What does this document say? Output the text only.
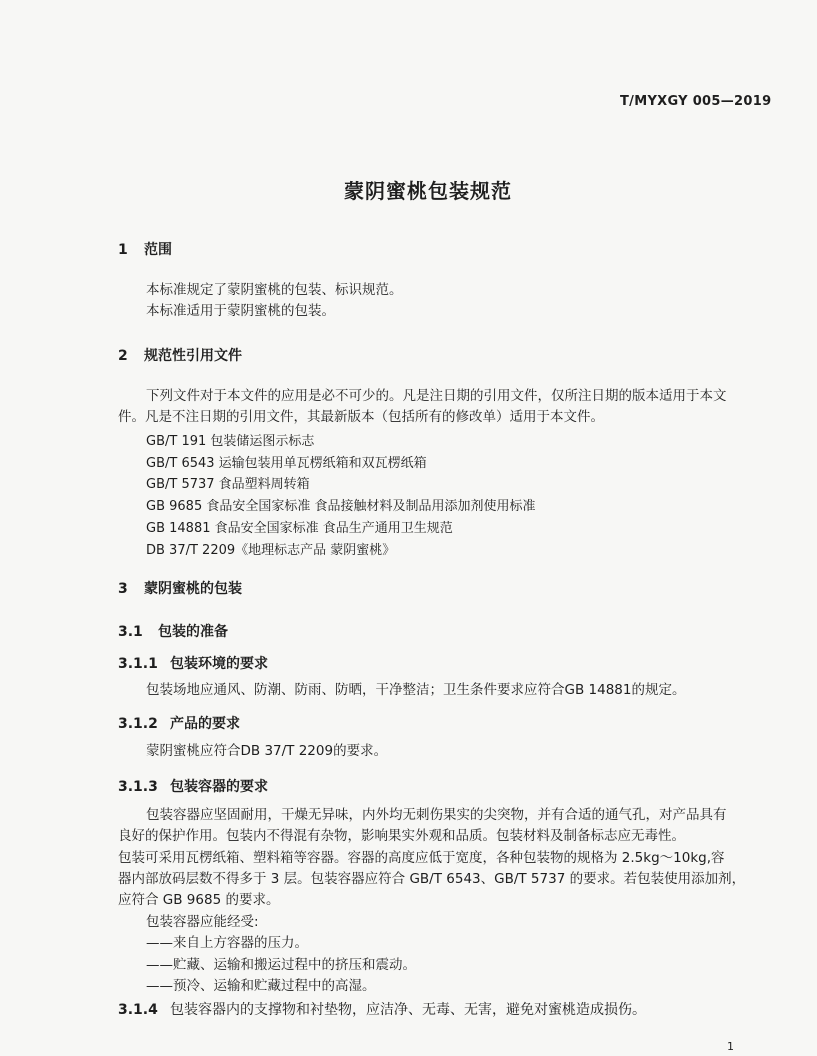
T/MYXGY 005—2019
蒙阴蜜桃包装规范
1 范围
本标准规定了蒙阴蜜桃的包装、标识规范。
本标准适用于蒙阴蜜桃的包装。
2 规范性引用文件
下列文件对于本文件的应用是必不可少的。凡是注日期的引用文件，仅所注日期的版本适用于本文
件。凡是不注日期的引用文件，其最新版本（包括所有的修改单）适用于本文件。
GB/T 191 包装储运图示标志
GB/T 6543 运输包装用单瓦楞纸箱和双瓦楞纸箱
GB/T 5737 食品塑料周转箱
GB 9685 食品安全国家标准 食品接触材料及制品用添加剂使用标准
GB 14881 食品安全国家标准 食品生产通用卫生规范
DB 37/T 2209《地理标志产品 蒙阴蜜桃》
3 蒙阴蜜桃的包装
3.1 包装的准备
3.1.1 包装环境的要求
包装场地应通风、防潮、防雨、防晒，干净整洁；卫生条件要求应符合GB 14881的规定。
3.1.2 产品的要求
蒙阴蜜桃应符合DB 37/T 2209的要求。
3.1.3 包装容器的要求
包装容器应坚固耐用，干燥无异味，内外均无刺伤果实的尖突物，并有合适的通气孔，对产品具有
良好的保护作用。包装内不得混有杂物，影响果实外观和品质。包装材料及制备标志应无毒性。
包装可采用瓦楞纸箱、塑料箱等容器。容器的高度应低于宽度，各种包装物的规格为 2.5kg～10kg,容
器内部放码层数不得多于 3 层。包装容器应符合 GB/T 6543、GB/T 5737 的要求。若包装使用添加剂，
应符合 GB 9685 的要求。
包装容器应能经受:
——来自上方容器的压力。
——贮藏、运输和搬运过程中的挤压和震动。
——预冷、运输和贮藏过程中的高湿。
3.1.4 包装容器内的支撑物和衬垫物，应洁净、无毒、无害，避免对蜜桃造成损伤。
1
